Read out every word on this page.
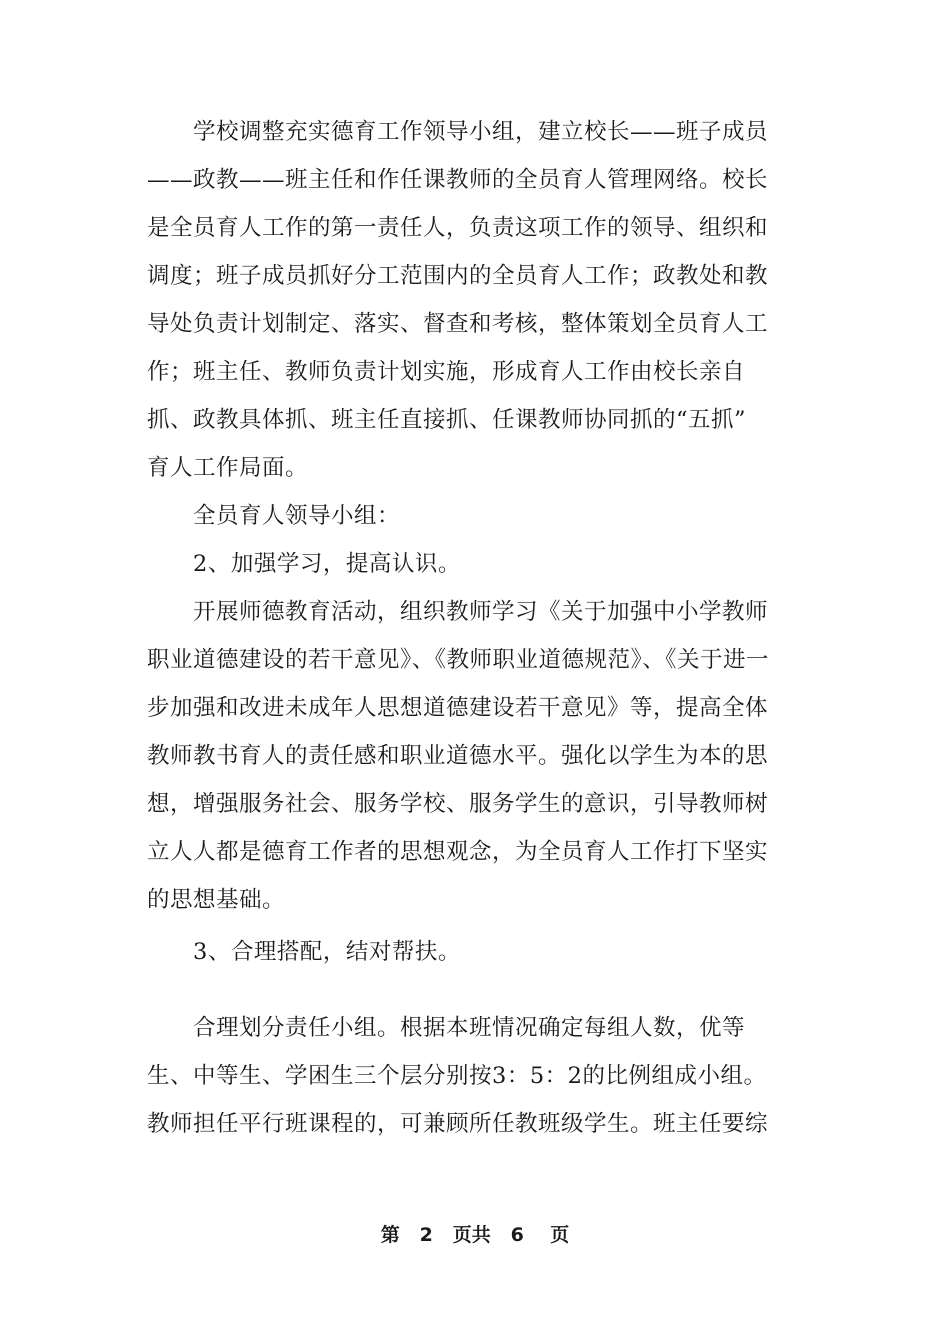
学校调整充实德育工作领导小组，建立校长——班子成员

——政教——班主任和作任课教师的全员育人管理网络。校长

是全员育人工作的第一责任人，负责这项工作的领导、组织和

调度；班子成员抓好分工范围内的全员育人工作；政教处和教

导处负责计划制定、落实、督查和考核，整体策划全员育人工

作；班主任、教师负责计划实施，形成育人工作由校长亲自

抓、政教具体抓、班主任直接抓、任课教师协同抓的“五抓”

育人工作局面。

全员育人领导小组：

2、加强学习，提高认识。

开展师德教育活动，组织教师学习《关于加强中小学教师

职业道德建设的若干意见》、《教师职业道德规范》、《关于进一

步加强和改进未成年人思想道德建设若干意见》等，提高全体

教师教书育人的责任感和职业道德水平。强化以学生为本的思

想，增强服务社会、服务学校、服务学生的意识，引导教师树

立人人都是德育工作者的思想观念，为全员育人工作打下坚实

的思想基础。

3、合理搭配，结对帮扶。

合理划分责任小组。根据本班情况确定每组人数，优等

生、中等生、学困生三个层分别按3：5：2的比例组成小组。

教师担任平行班课程的，可兼顾所任教班级学生。班主任要综

第 2 页共 6 页
